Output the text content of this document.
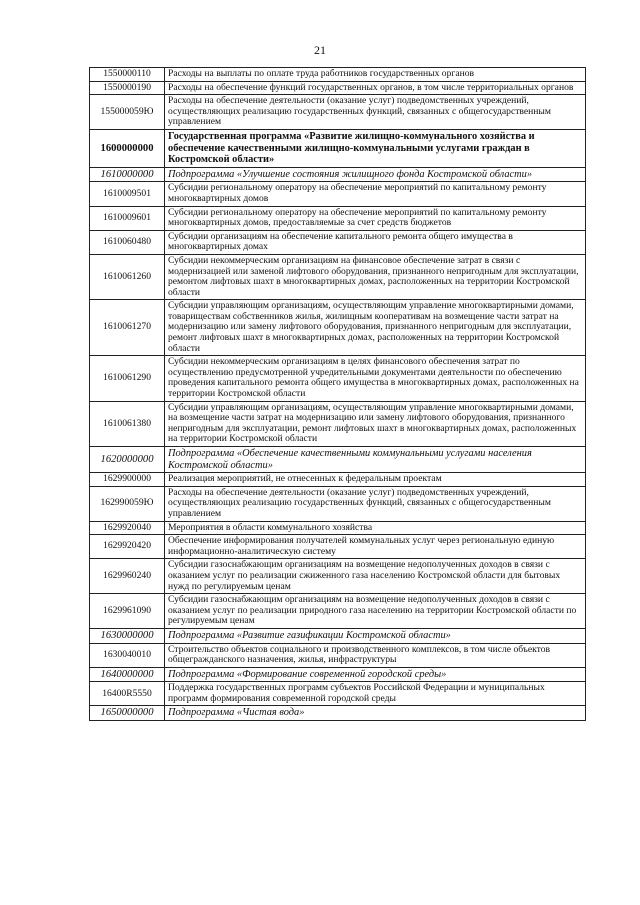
21
1550000110	Расходы на выплаты по оплате труда работников государственных органов
1550000190	Расходы на обеспечение функций государственных органов, в том числе территориальных органов
155000059Ю	Расходы на обеспечение деятельности (оказание услуг) подведомственных учреждений, осуществляющих реализацию государственных функций, связанных с общегосударственным управлением
1600000000	Государственная программа «Развитие жилищно-коммунального хозяйства и обеспечение качественными жилищно-коммунальными услугами граждан в Костромской области»
1610000000	Подпрограмма «Улучшение состояния жилищного фонда Костромской области»
1610009501	Субсидии региональному оператору на обеспечение мероприятий по капитальному ремонту многоквартирных домов
1610009601	Субсидии региональному оператору на обеспечение мероприятий по капитальному ремонту многоквартирных домов, предоставляемые за счет средств бюджетов
1610060480	Субсидии организациям на обеспечение капитального ремонта общего имущества в многоквартирных домах
1610061260	Субсидии некоммерческим организациям на финансовое обеспечение затрат в связи с модернизацией или заменой лифтового оборудования, признанного непригодным для эксплуатации, ремонтом лифтовых шахт в многоквартирных домах, расположенных на территории Костромской области
1610061270	Субсидии управляющим организациям, осуществляющим управление многоквартирными домами, товариществам собственников жилья, жилищным кооперативам на возмещение части затрат на модернизацию или замену лифтового оборудования, признанного непригодным для эксплуатации, ремонт лифтовых шахт в многоквартирных домах, расположенных на территории Костромской области
1610061290	Субсидии некоммерческим организациям в целях финансового обеспечения затрат по осуществлению предусмотренной учредительными документами деятельности по обеспечению проведения капитального ремонта общего имущества в многоквартирных домах, расположенных на территории Костромской области
1610061380	Субсидии управляющим организациям, осуществляющим управление многоквартирными домами, на возмещение части затрат на модернизацию или замену лифтового оборудования, признанного непригодным для эксплуатации, ремонт лифтовых шахт в многоквартирных домах, расположенных на территории Костромской области
1620000000	Подпрограмма «Обеспечение качественными коммунальными услугами населения Костромской области»
1629900000	Реализация мероприятий, не отнесенных к федеральным проектам
162990059Ю	Расходы на обеспечение деятельности (оказание услуг) подведомственных учреждений, осуществляющих реализацию государственных функций, связанных с общегосударственным управлением
1629920040	Мероприятия в области коммунального хозяйства
1629920420	Обеспечение информирования получателей коммунальных услуг через региональную единую информационно-аналитическую систему
1629960240	Субсидии газоснабжающим организациям на возмещение недополученных доходов в связи с оказанием услуг по реализации сжиженного газа населению Костромской области для бытовых нужд по регулируемым ценам
1629961090	Субсидии газоснабжающим организациям на возмещение недополученных доходов в связи с оказанием услуг по реализации природного газа населению на территории Костромской области по регулируемым ценам
1630000000	Подпрограмма «Развитие газификации Костромской области»
1630040010	Строительство объектов социального и производственного комплексов, в том числе объектов общегражданского назначения, жилья, инфраструктуры
1640000000	Подпрограмма «Формирование современной городской среды»
16400R5550	Поддержка государственных программ субъектов Российской Федерации и муниципальных программ формирования современной городской среды
1650000000	Подпрограмма «Чистая вода»
